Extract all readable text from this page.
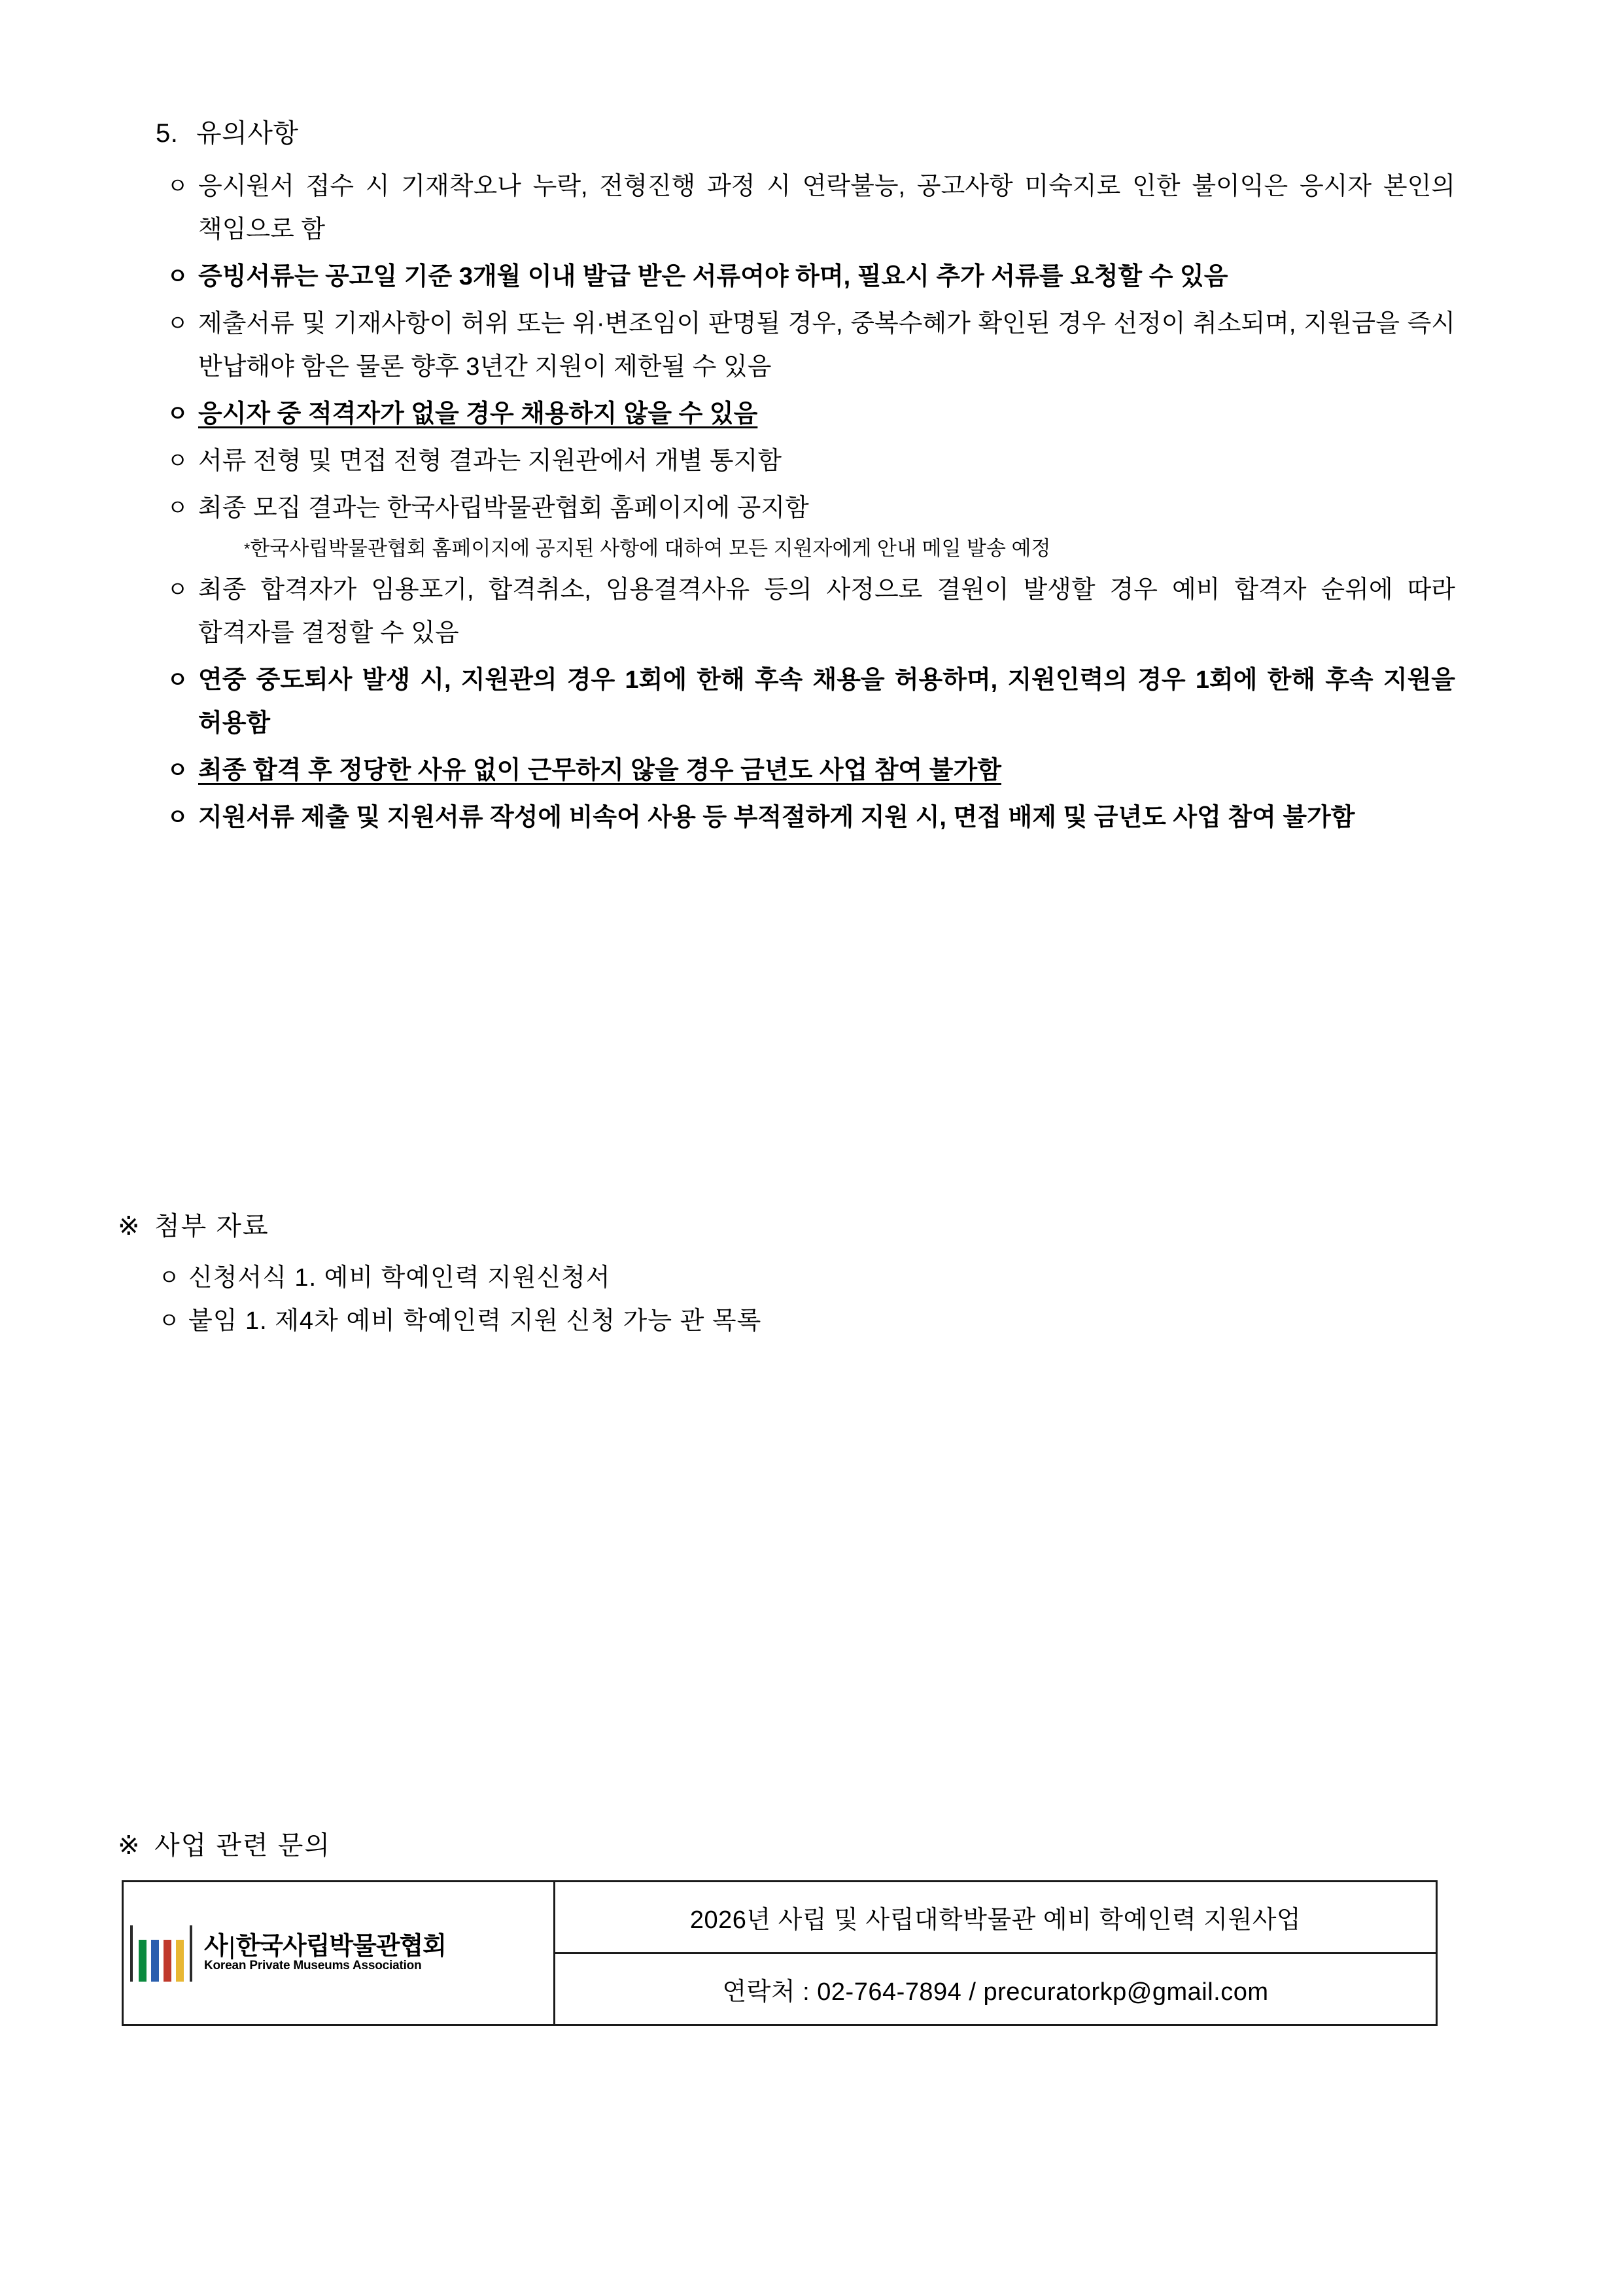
5. 유의사항
ㅇ 응시원서 접수 시 기재착오나 누락, 전형진행 과정 시 연락불능, 공고사항 미숙지로 인한 불이익은 응시자 본인의 책임으로 함
ㅇ 증빙서류는 공고일 기준 3개월 이내 발급 받은 서류여야 하며, 필요시 추가 서류를 요청할 수 있음
ㅇ 제출서류 및 기재사항이 허위 또는 위·변조임이 판명될 경우, 중복수혜가 확인된 경우 선정이 취소되며, 지원금을 즉시 반납해야 함은 물론 향후 3년간 지원이 제한될 수 있음
ㅇ 응시자 중 적격자가 없을 경우 채용하지 않을 수 있음
ㅇ 서류 전형 및 면접 전형 결과는 지원관에서 개별 통지함
ㅇ 최종 모집 결과는 한국사립박물관협회 홈페이지에 공지함
*한국사립박물관협회 홈페이지에 공지된 사항에 대하여 모든 지원자에게 안내 메일 발송 예정
ㅇ 최종 합격자가 임용포기, 합격취소, 임용결격사유 등의 사정으로 결원이 발생할 경우 예비 합격자 순위에 따라 합격자를 결정할 수 있음
ㅇ 연중 중도퇴사 발생 시, 지원관의 경우 1회에 한해 후속 채용을 허용하며, 지원인력의 경우 1회에 한해 후속 지원을 허용함
ㅇ 최종 합격 후 정당한 사유 없이 근무하지 않을 경우 금년도 사업 참여 불가함
ㅇ 지원서류 제출 및 지원서류 작성에 비속어 사용 등 부적절하게 지원 시, 면접 배제 및 금년도 사업 참여 불가함
※ 첨부 자료
ㅇ 신청서식 1. 예비 학예인력 지원신청서
ㅇ 붙임 1. 제4차 예비 학예인력 지원 신청 가능 관 목록
※ 사업 관련 문의
사|한국사립박물관협회 Korean Private Museums Association
2026년 사립 및 사립대학박물관 예비 학예인력 지원사업
연락처 : 02-764-7894 / precuratorkp@gmail.com
